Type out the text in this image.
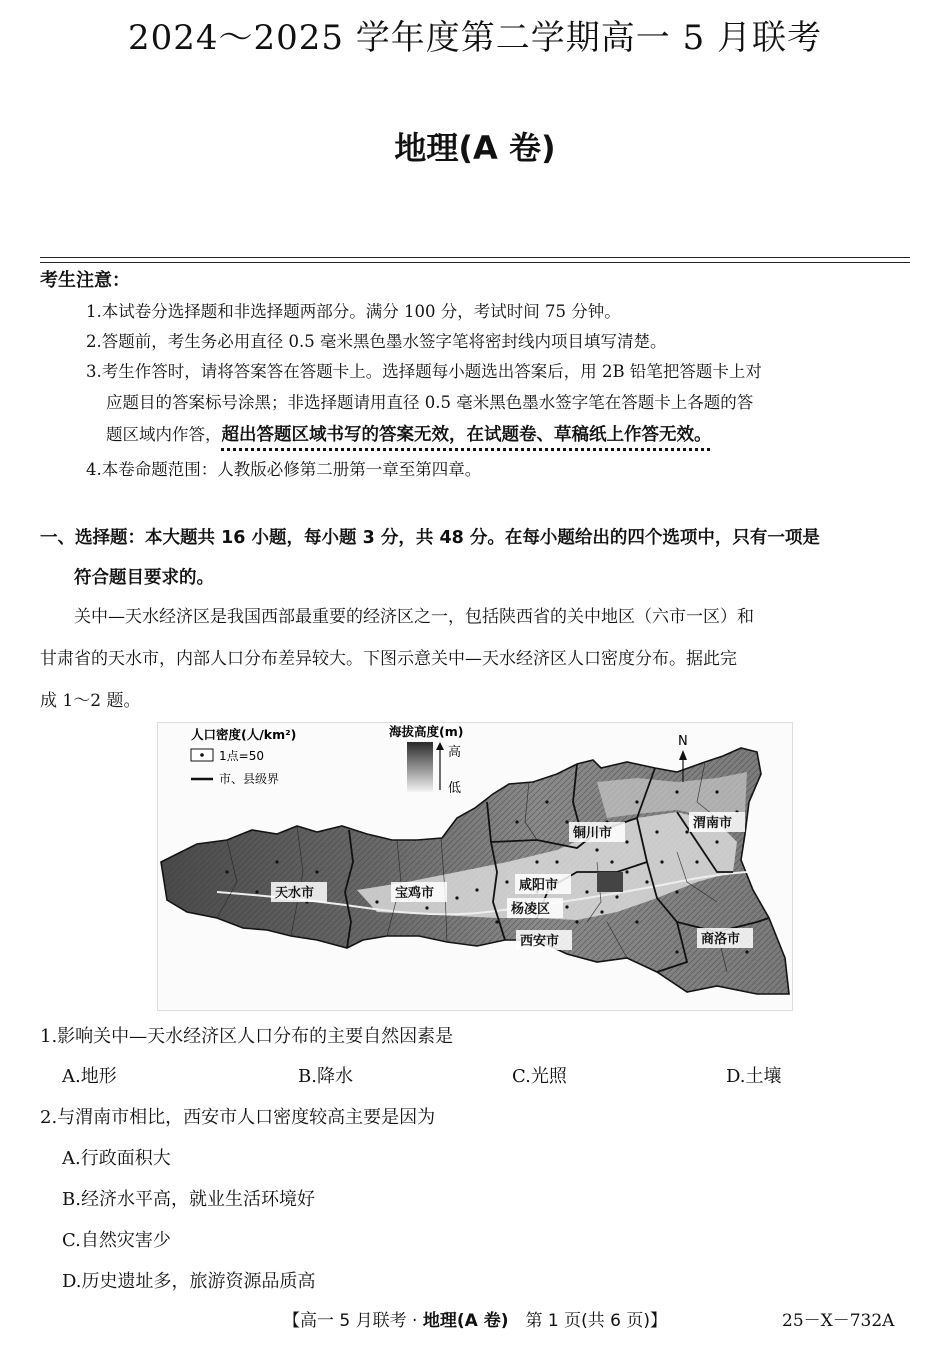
2024～2025 学年度第二学期高一 5 月联考
地理(A 卷)
考生注意：
1.本试卷分选择题和非选择题两部分。满分 100 分，考试时间 75 分钟。
2.答题前，考生务必用直径 0.5 毫米黑色墨水签字笔将密封线内项目填写清楚。
3.考生作答时，请将答案答在答题卡上。选择题每小题选出答案后，用 2B 铅笔把答题卡上对
应题目的答案标号涂黑；非选择题请用直径 0.5 毫米黑色墨水签字笔在答题卡上各题的答
题区域内作答，超出答题区域书写的答案无效，在试题卷、草稿纸上作答无效。
4.本卷命题范围：人教版必修第二册第一章至第四章。
一、选择题：本大题共 16 小题，每小题 3 分，共 48 分。在每小题给出的四个选项中，只有一项是
符合题目要求的。
关中—天水经济区是我国西部最重要的经济区之一，包括陕西省的关中地区（六市一区）和
甘肃省的天水市，内部人口分布差异较大。下图示意关中—天水经济区人口密度分布。据此完
成 1～2 题。
人口密度(人/km²)
1点=50
市、县级界
海拔高度(m)
高
低
N
天水市	宝鸡市
咸阳市
杨凌区
西安市
铜川市
渭南市
商洛市
1.影响关中—天水经济区人口分布的主要自然因素是
A.地形	B.降水	C.光照	D.土壤
2.与渭南市相比，西安市人口密度较高主要是因为
A.行政面积大
B.经济水平高，就业生活环境好
C.自然灾害少
D.历史遗址多，旅游资源品质高
【高一 5 月联考 · 地理(A 卷)　第 1 页(共 6 页)】	25－X－732A
